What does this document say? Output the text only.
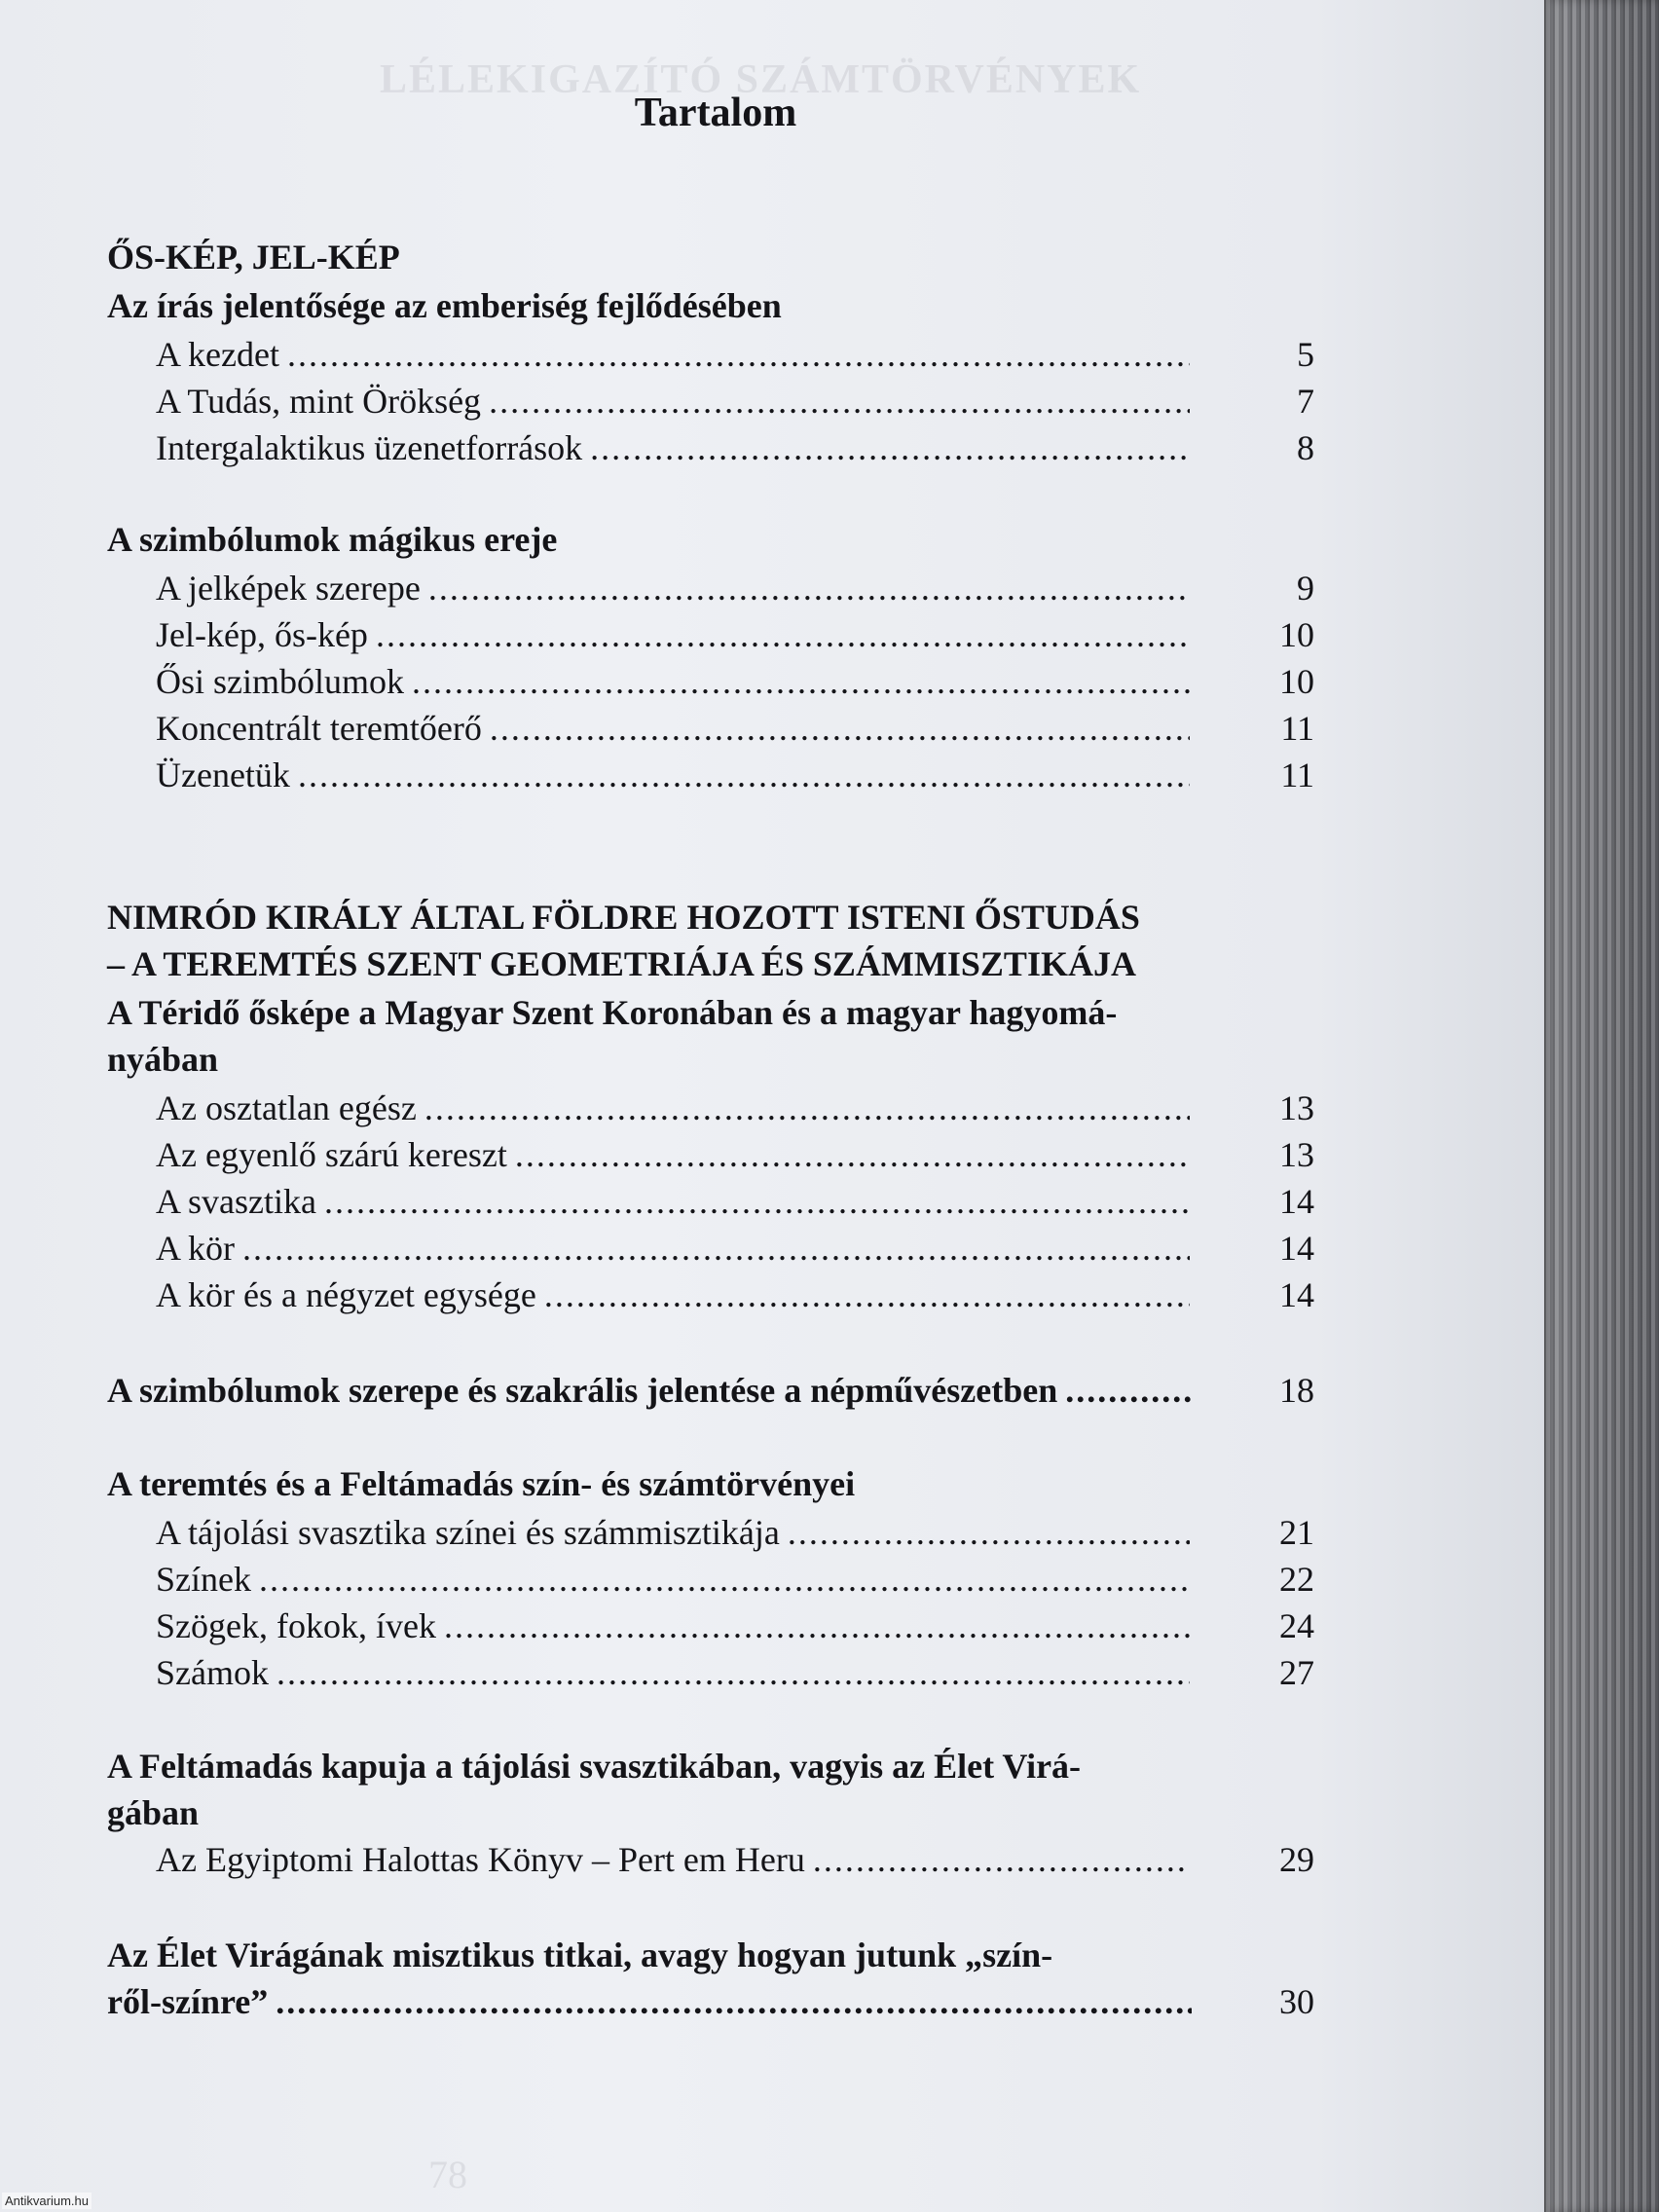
Tartalom
ŐS-KÉP, JEL-KÉP
Az írás jelentősége az emberiség fejlődésében
A kezdet .....	5
A Tudás, mint Örökség .....	7
Intergalaktikus üzenetforrások .....	8
A szimbólumok mágikus ereje
A jelképek szerepe .....	9
Jel-kép, ős-kép .....	10
Ősi szimbólumok .....	10
Koncentrált teremtőerő .....	11
Üzenetük .....	11
NIMRÓD KIRÁLY ÁLTAL FÖLDRE HOZOTT ISTENI ŐSTUDÁS
– A TEREMTÉS SZENT GEOMETRIÁJA ÉS SZÁMMISZTIKÁJA
A Téridő ősképe a Magyar Szent Koronában és a magyar hagyomá-
nyában
Az osztatlan egész .....	13
Az egyenlő szárú kereszt .....	13
A svasztika .....	14
A kör .....	14
A kör és a négyzet egysége .....	14
A szimbólumok szerepe és szakrális jelentése a népművészetben .....	18
A teremtés és a Feltámadás szín- és számtörvényei
A tájolási svasztika színei és számmisztikája .....	21
Színek .....	22
Szögek, fokok, ívek .....	24
Számok .....	27
A Feltámadás kapuja a tájolási svasztikában, vagyis az Élet Virá-
gában
Az Egyiptomi Halottas Könyv – Pert em Heru .....	29
Az Élet Virágának misztikus titkai, avagy hogyan jutunk „szín-
ről-színre” .....	30
Antikvarium.hu
